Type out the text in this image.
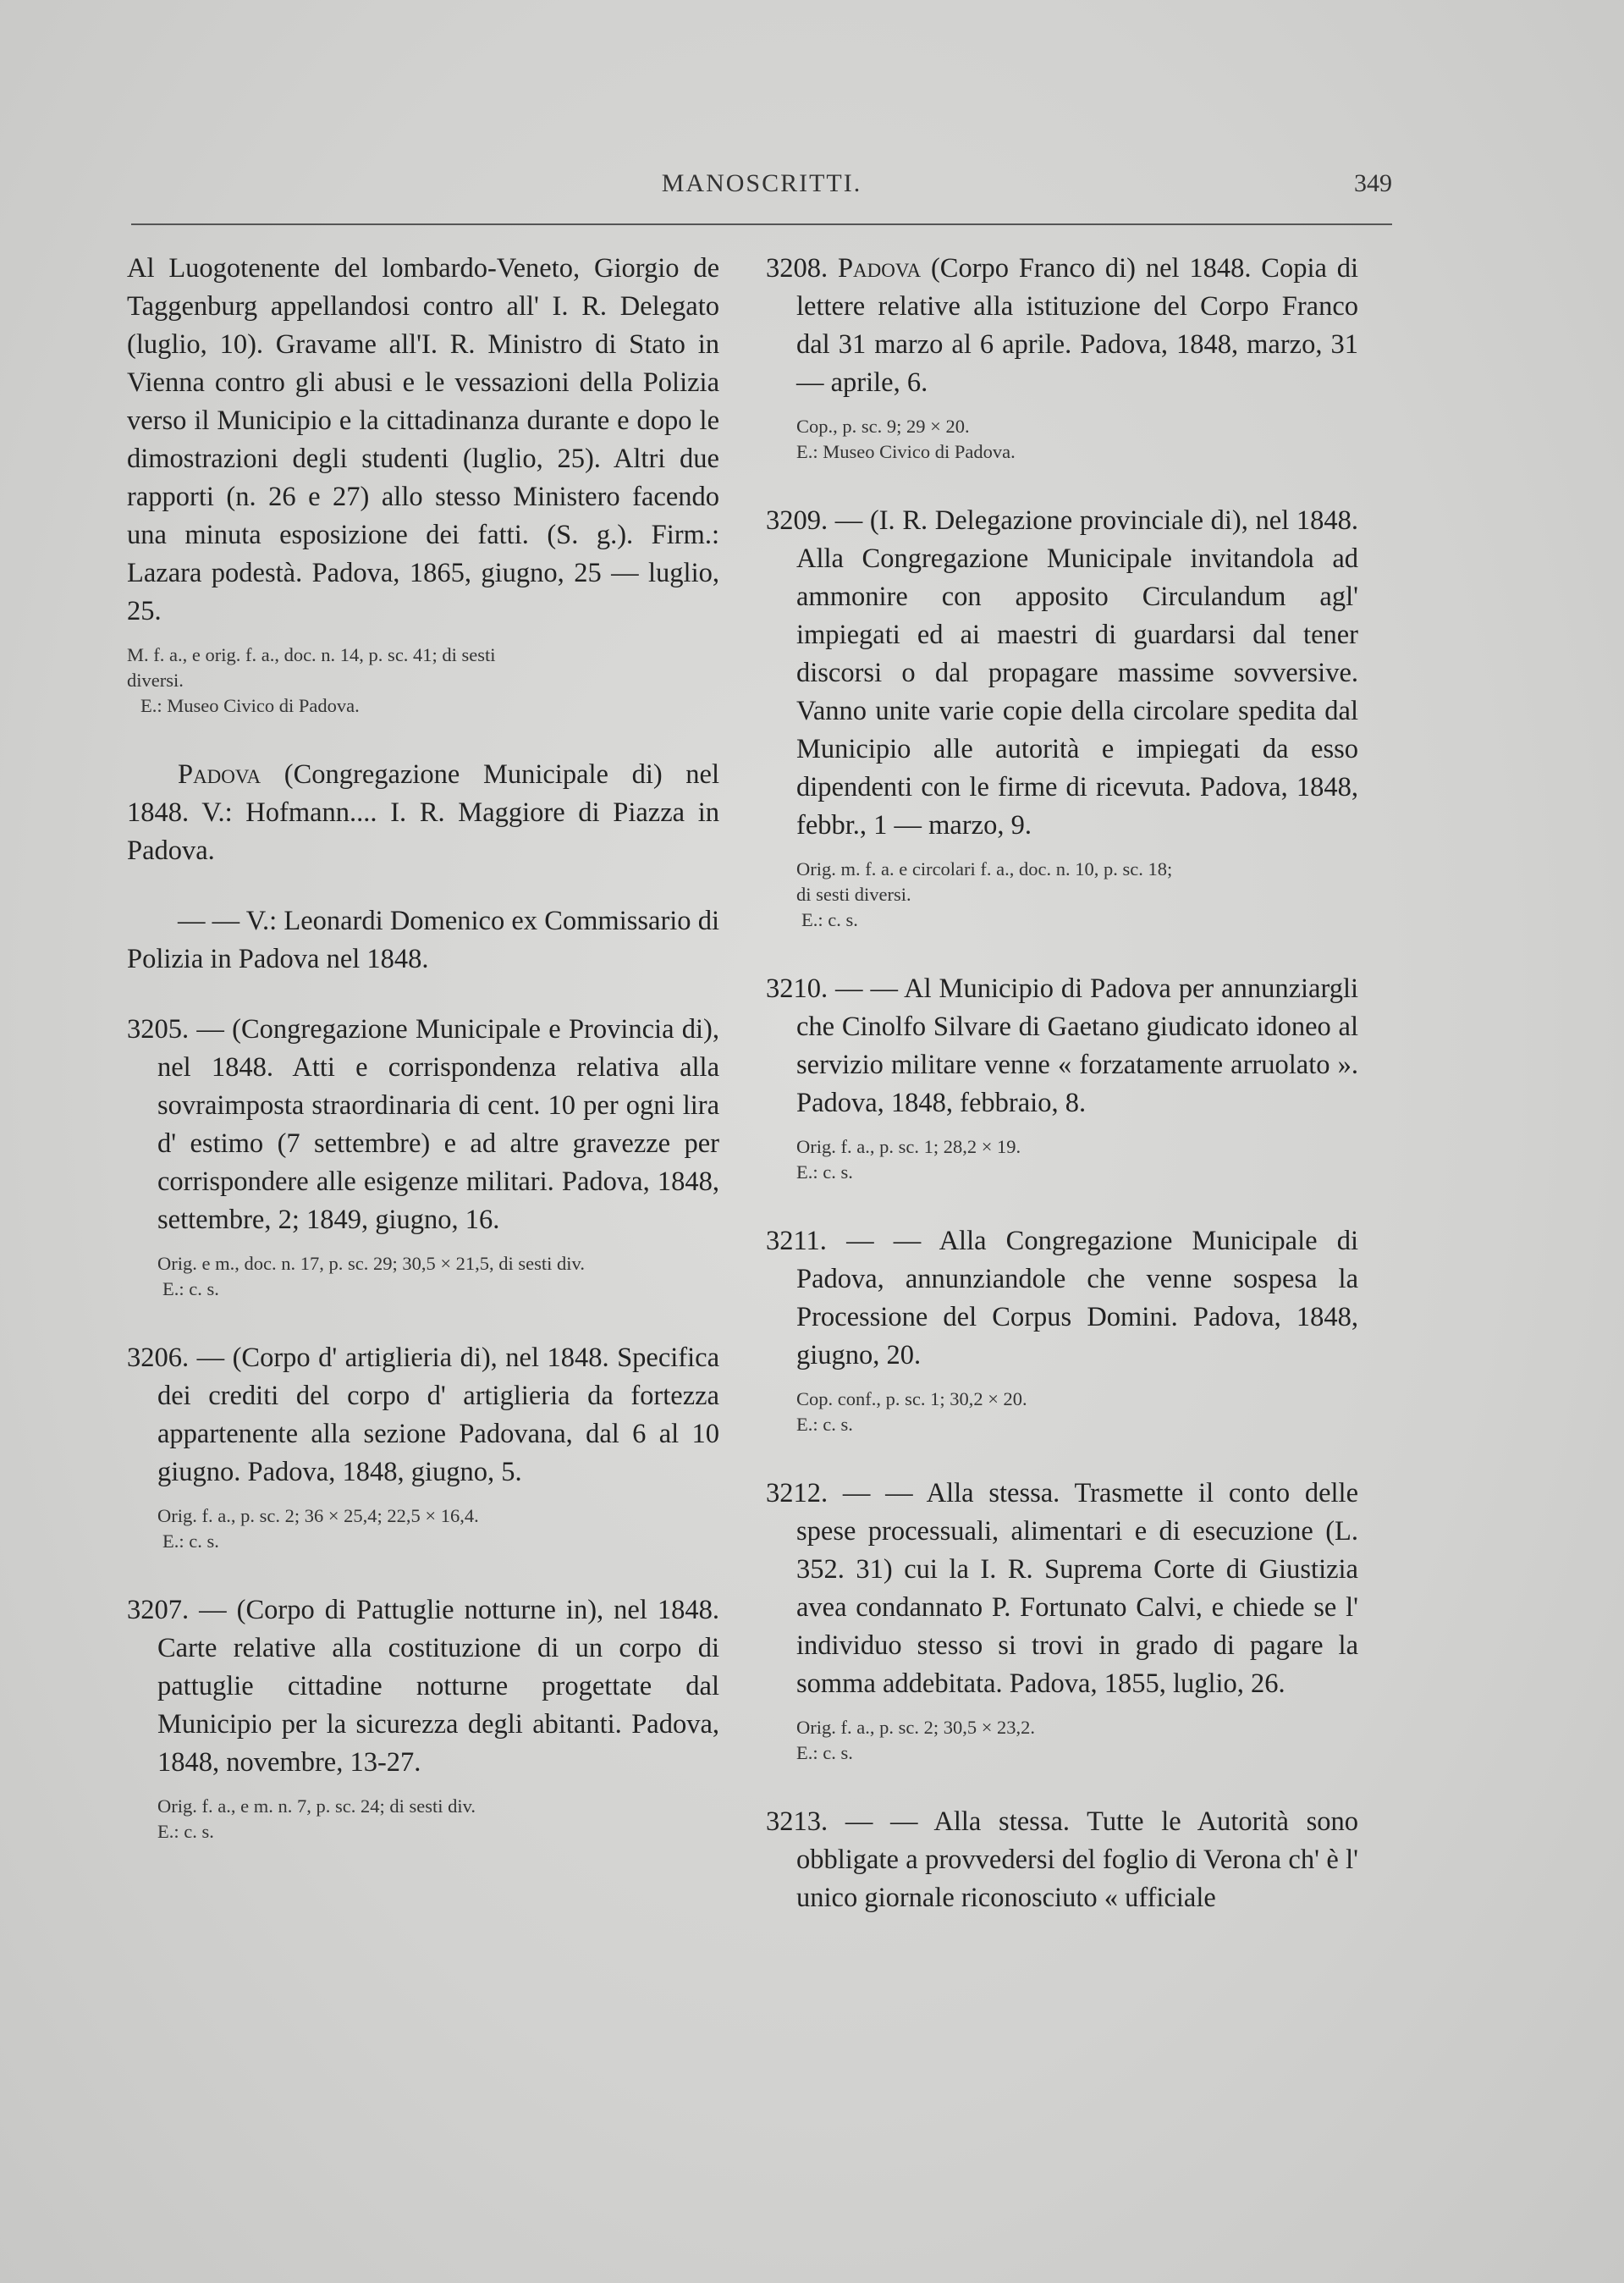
MANOSCRITTI.	349
Al Luogotenente del lombardo-Veneto, Giorgio de Taggenburg appellandosi contro all' I. R. Delegato (luglio, 10). Gravame all'I. R. Ministro di Stato in Vienna contro gli abusi e le vessazioni della Polizia verso il Municipio e la cittadinanza durante e dopo le dimostrazioni degli studenti (luglio, 25). Altri due rapporti (n. 26 e 27) allo stesso Ministero facendo una minuta esposizione dei fatti. (S. g.). Firm.: Lazara podestà. Padova, 1865, giugno, 25 — luglio, 25.
M. f. a., e orig. f. a., doc. n. 14, p. sc. 41; di sesti
diversi.
E.: Museo Civico di Padova.
Padova (Congregazione Municipale di) nel 1848. V.: Hofmann.... I. R. Maggiore di Piazza in Padova.
— — V.: Leonardi Domenico ex Commissario di Polizia in Padova nel 1848.
3205. — (Congregazione Municipale e Provincia di), nel 1848. Atti e corrispondenza relativa alla sovraimposta straordinaria di cent. 10 per ogni lira d' estimo (7 settembre) e ad altre gravezze per corrispondere alle esigenze militari. Padova, 1848, settembre, 2; 1849, giugno, 16.
Orig. e m., doc. n. 17, p. sc. 29; 30,5 × 21,5, di sesti div.
E.: c. s.
3206. — (Corpo d' artiglieria di), nel 1848. Specifica dei crediti del corpo d' artiglieria da fortezza appartenente alla sezione Padovana, dal 6 al 10 giugno. Padova, 1848, giugno, 5.
Orig. f. a., p. sc. 2; 36 × 25,4; 22,5 × 16,4.
E.: c. s.
3207. — (Corpo di Pattuglie notturne in), nel 1848. Carte relative alla costituzione di un corpo di pattuglie cittadine notturne progettate dal Municipio per la sicurezza degli abitanti. Padova, 1848, novembre, 13-27.
Orig. f. a., e m. n. 7, p. sc. 24; di sesti div.
E.: c. s.
3208. Padova (Corpo Franco di) nel 1848. Copia di lettere relative alla istituzione del Corpo Franco dal 31 marzo al 6 aprile. Padova, 1848, marzo, 31 — aprile, 6.
Cop., p. sc. 9; 29 × 20.
E.: Museo Civico di Padova.
3209. — (I. R. Delegazione provinciale di), nel 1848. Alla Congregazione Municipale invitandola ad ammonire con apposito Circulandum agl' impiegati ed ai maestri di guardarsi dal tener discorsi o dal propagare massime sovversive. Vanno unite varie copie della circolare spedita dal Municipio alle autorità e impiegati da esso dipendenti con le firme di ricevuta. Padova, 1848, febbr., 1 — marzo, 9.
Orig. m. f. a. e circolari f. a., doc. n. 10, p. sc. 18;
di sesti diversi.
E.: c. s.
3210. — — Al Municipio di Padova per annunziargli che Cinolfo Silvare di Gaetano giudicato idoneo al servizio militare venne « forzatamente arruolato ». Padova, 1848, febbraio, 8.
Orig. f. a., p. sc. 1; 28,2 × 19.
E.: c. s.
3211. — — Alla Congregazione Municipale di Padova, annunziandole che venne sospesa la Processione del Corpus Domini. Padova, 1848, giugno, 20.
Cop. conf., p. sc. 1; 30,2 × 20.
E.: c. s.
3212. — — Alla stessa. Trasmette il conto delle spese processuali, alimentari e di esecuzione (L. 352. 31) cui la I. R. Suprema Corte di Giustizia avea condannato P. Fortunato Calvi, e chiede se l' individuo stesso si trovi in grado di pagare la somma addebitata. Padova, 1855, luglio, 26.
Orig. f. a., p. sc. 2; 30,5 × 23,2.
E.: c. s.
3213. — — Alla stessa. Tutte le Autorità sono obbligate a provvedersi del foglio di Verona ch' è l' unico giornale riconosciuto « ufficiale
